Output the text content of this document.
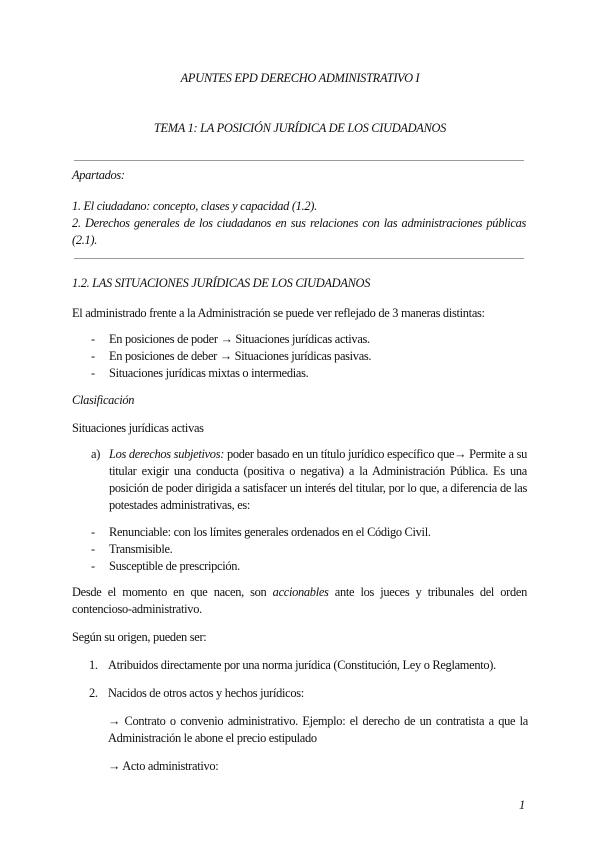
APUNTES EPD DERECHO ADMINISTRATIVO I
TEMA 1: LA POSICIÓN JURÍDICA DE LOS CIUDADANOS
Apartados:
1. El ciudadano: concepto, clases y capacidad (1.2).
2. Derechos generales de los ciudadanos en sus relaciones con las administraciones públicas (2.1).
1.2. LAS SITUACIONES JURÍDICAS DE LOS CIUDADANOS
El administrado frente a la Administración se puede ver reflejado de 3 maneras distintas:
- En posiciones de poder → Situaciones jurídicas activas.
- En posiciones de deber → Situaciones jurídicas pasivas.
- Situaciones jurídicas mixtas o intermedias.
Clasificación
Situaciones jurídicas activas
a) Los derechos subjetivos: poder basado en un título jurídico específico que→ Permite a su titular exigir una conducta (positiva o negativa) a la Administración Pública. Es una posición de poder dirigida a satisfacer un interés del titular, por lo que, a diferencia de las potestades administrativas, es:
- Renunciable: con los límites generales ordenados en el Código Civil.
- Transmisible.
- Susceptible de prescripción.
Desde el momento en que nacen, son accionables ante los jueces y tribunales del orden contencioso-administrativo.
Según su origen, pueden ser:
1. Atribuidos directamente por una norma jurídica (Constitución, Ley o Reglamento).
2. Nacidos de otros actos y hechos jurídicos:
→ Contrato o convenio administrativo. Ejemplo: el derecho de un contratista a que la Administración le abone el precio estipulado
→ Acto administrativo:
1
